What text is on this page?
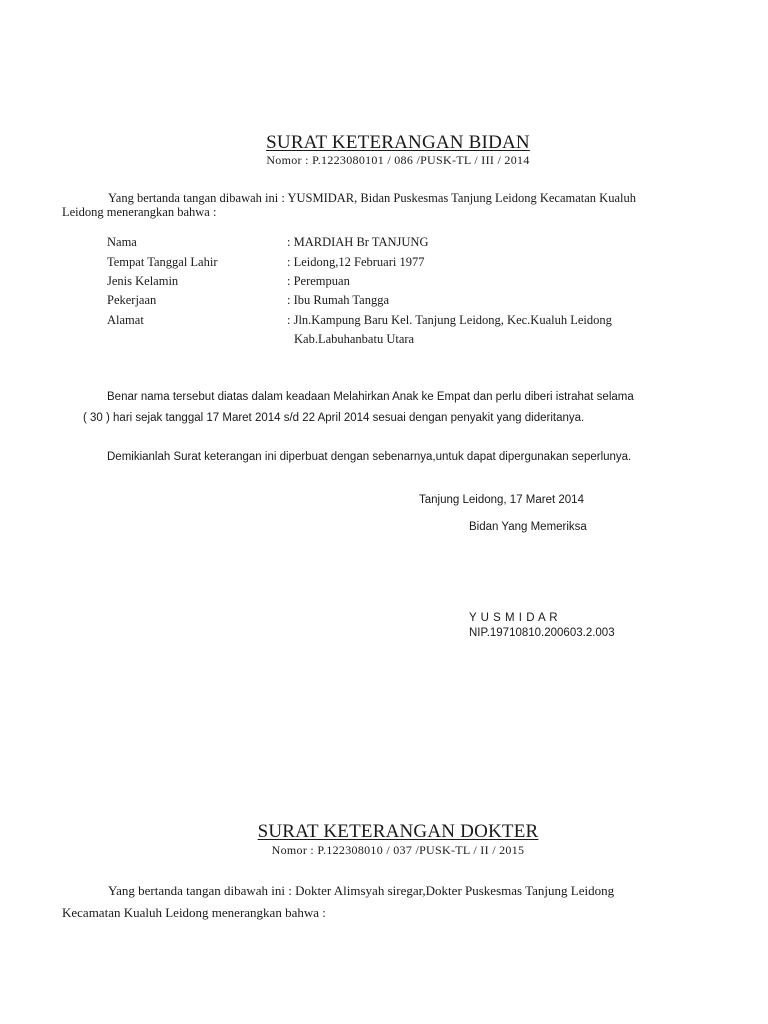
SURAT KETERANGAN BIDAN
Nomor : P.1223080101 / 086 /PUSK-TL / III / 2014
Yang bertanda tangan dibawah ini : YUSMIDAR, Bidan Puskesmas Tanjung Leidong Kecamatan Kualuh
Leidong menerangkan bahwa :
Nama	: MARDIAH Br TANJUNG
Tempat Tanggal Lahir	: Leidong,12 Februari 1977
Jenis Kelamin	: Perempuan
Pekerjaan	: Ibu Rumah Tangga
Alamat	: Jln.Kampung Baru Kel. Tanjung Leidong, Kec.Kualuh Leidong
Kab.Labuhanbatu Utara
Benar nama tersebut diatas dalam keadaan Melahirkan Anak ke Empat dan perlu diberi istrahat selama
( 30 ) hari sejak tanggal 17 Maret 2014 s/d 22 April 2014 sesuai dengan penyakit yang dideritanya.
Demikianlah Surat keterangan ini diperbuat dengan sebenarnya,untuk dapat dipergunakan seperlunya.
Tanjung Leidong, 17 Maret 2014
Bidan Yang Memeriksa
Y U S M I D A R
NIP.19710810.200603.2.003
SURAT KETERANGAN DOKTER
Nomor : P.122308010 / 037 /PUSK-TL / II / 2015
Yang bertanda tangan dibawah ini : Dokter Alimsyah siregar,Dokter Puskesmas Tanjung Leidong
Kecamatan Kualuh Leidong menerangkan bahwa :
